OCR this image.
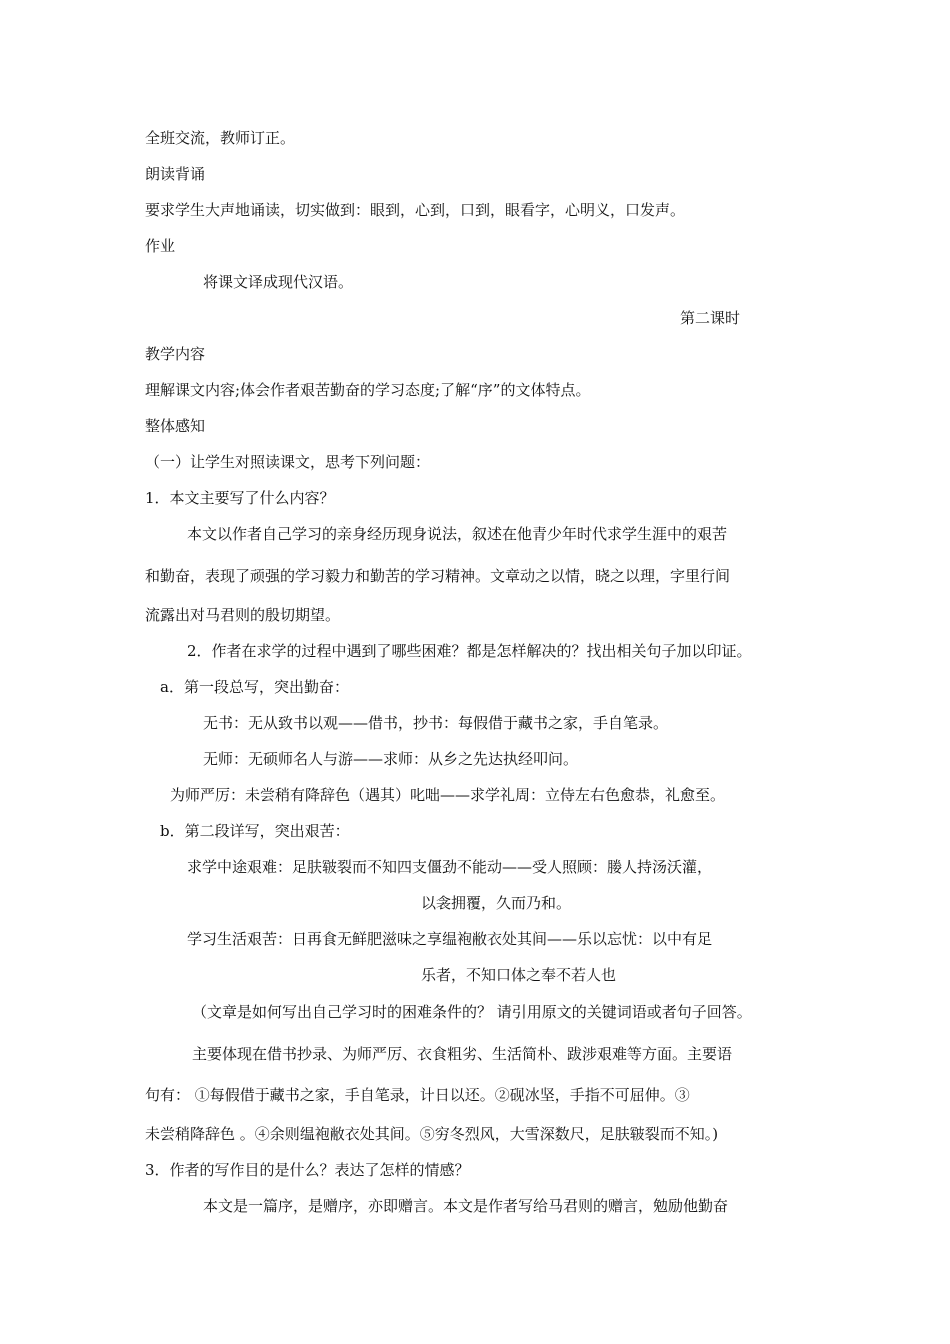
全班交流，教师订正。
朗读背诵
要求学生大声地诵读，切实做到：眼到，心到，口到，眼看字，心明义，口发声。
作业
将课文译成现代汉语。
第二课时
教学内容
理解课文内容;体会作者艰苦勤奋的学习态度;了解“序”的文体特点。
整体感知
（一）让学生对照读课文，思考下列问题：
1．本文主要写了什么内容？
本文以作者自己学习的亲身经历现身说法，叙述在他青少年时代求学生涯中的艰苦
和勤奋，表现了顽强的学习毅力和勤苦的学习精神。文章动之以情，晓之以理，字里行间
流露出对马君则的殷切期望。
2．作者在求学的过程中遇到了哪些困难？都是怎样解决的？找出相关句子加以印证。
a．第一段总写，突出勤奋：
无书：无从致书以观——借书，抄书：每假借于藏书之家，手自笔录。
无师：无硕师名人与游——求师：从乡之先达执经叩问。
为师严厉：未尝稍有降辞色（遇其）叱咄——求学礼周：立侍左右色愈恭，礼愈至。
b．第二段详写，突出艰苦：
求学中途艰难：足肤皲裂而不知四支僵劲不能动——受人照顾：媵人持汤沃灌，
以衾拥覆，久而乃和。
学习生活艰苦：日再食无鲜肥滋味之享缊袍敝衣处其间——乐以忘忧：以中有足
乐者，不知口体之奉不若人也
（文章是如何写出自己学习时的困难条件的？ 请引用原文的关键词语或者句子回答。
主要体现在借书抄录、为师严厉、衣食粗劣、生活简朴、跋涉艰难等方面。主要语
句有： ①每假借于藏书之家，手自笔录，计日以还。②砚冰坚，手指不可屈伸。③
未尝稍降辞色 。④余则缊袍敝衣处其间。⑤穷冬烈风，大雪深数尺，足肤皲裂而不知。)
3．作者的写作目的是什么？表达了怎样的情感？
本文是一篇序，是赠序，亦即赠言。本文是作者写给马君则的赠言，勉励他勤奋
